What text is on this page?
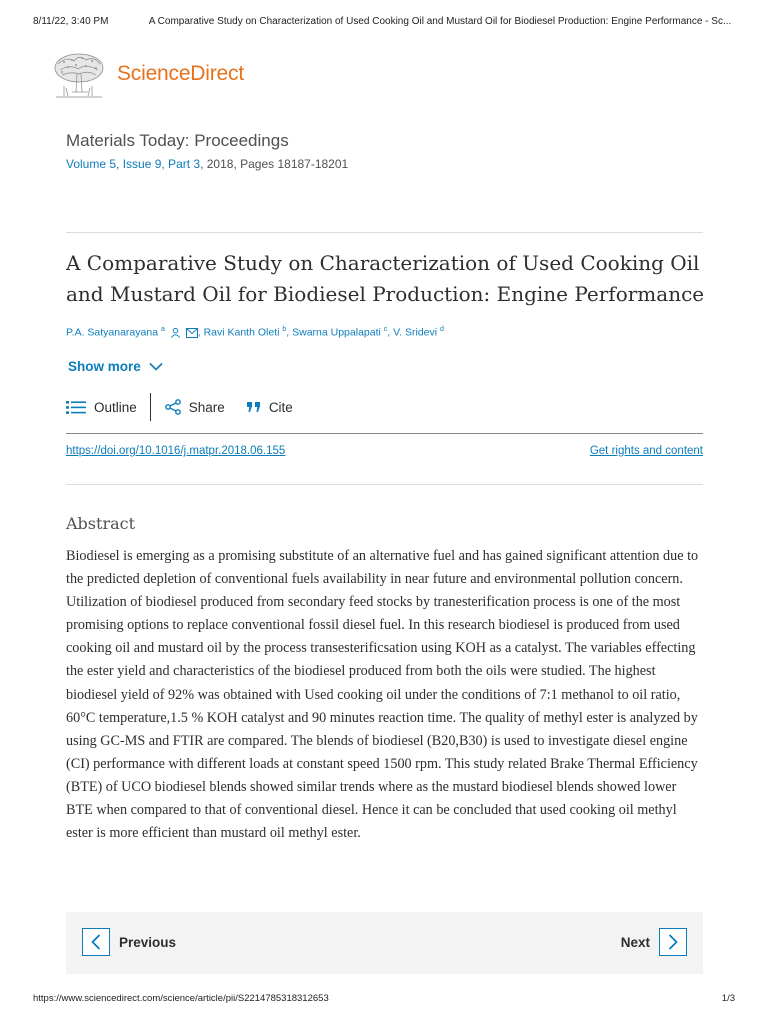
8/11/22, 3:40 PM	A Comparative Study on Characterization of Used Cooking Oil and Mustard Oil for Biodiesel Production: Engine Performance - Sc...
ScienceDirect
Materials Today: Proceedings
Volume 5, Issue 9, Part 3, 2018, Pages 18187-18201
A Comparative Study on Characterization of Used Cooking Oil and Mustard Oil for Biodiesel Production: Engine Performance
P.A. Satyanarayana $^a$	, Ravi Kanth Oleti $^b$, Swarna Uppalapati $^c$, V. Sridevi $^d$
Show more
Outline	Share	Cite
https://doi.org/10.1016/j.matpr.2018.06.155	Get rights and content
Abstract

Biodiesel is emerging as a promising substitute of an alternative fuel and has gained significant attention due to the predicted depletion of conventional fuels availability in near future and environmental pollution concern. Utilization of biodiesel produced from secondary feed stocks by tranesterification process is one of the most promising options to replace conventional fossil diesel fuel. In this research biodiesel is produced from used cooking oil and mustard oil by the process transesterificsation using KOH as a catalyst. The variables effecting the ester yield and characteristics of the biodiesel produced from both the oils were studied. The highest biodiesel yield of 92% was obtained with Used cooking oil under the conditions of 7:1 methanol to oil ratio, 60°C temperature,1.5 % KOH catalyst and 90 minutes reaction time. The quality of methyl ester is analyzed by using GC-MS and FTIR are compared. The blends of biodiesel (B20,B30) is used to investigate diesel engine (CI) performance with different loads at constant speed 1500 rpm. This study related Brake Thermal Efficiency (BTE) of UCO biodiesel blends showed similar trends where as the mustard biodiesel blends showed lower BTE when compared to that of conventional diesel. Hence it can be concluded that used cooking oil methyl ester is more efficient than mustard oil methyl ester.

Previous	Next
https://www.sciencedirect.com/science/article/pii/S2214785318312653	1/3
